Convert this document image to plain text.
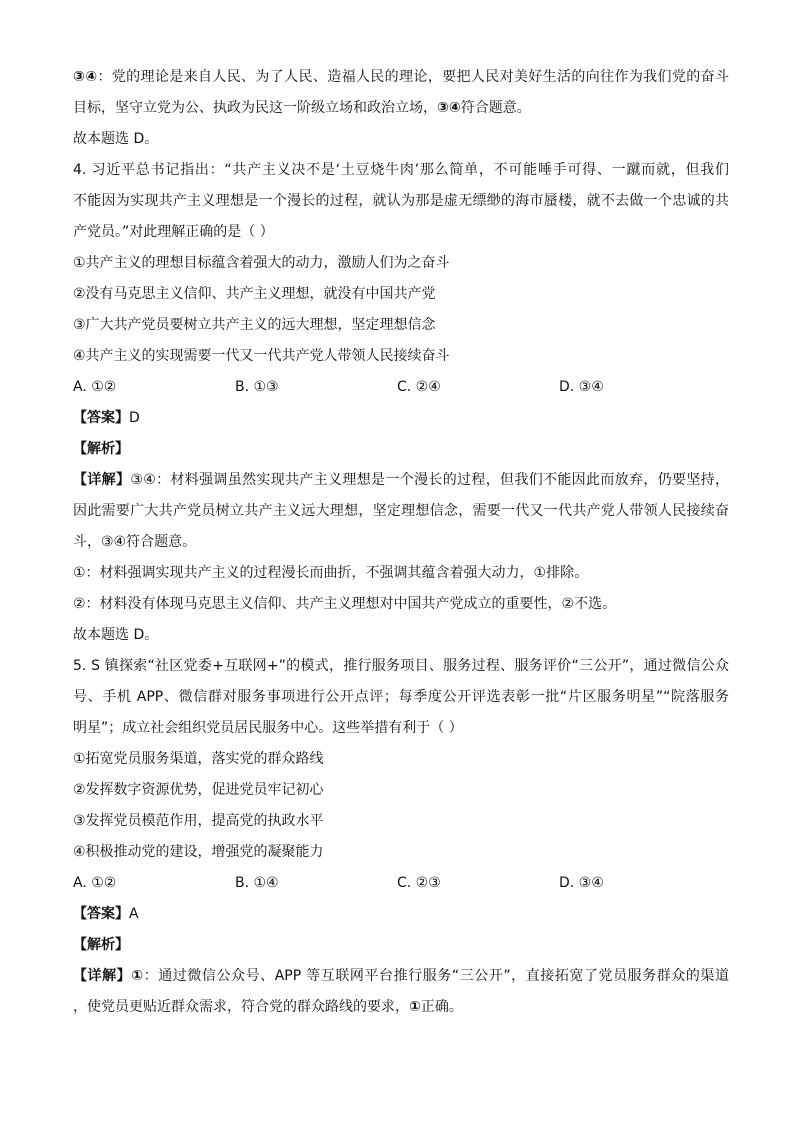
③④：党的理论是来自人民、为了人民、造福人民的理论，要把人民对美好生活的向往作为我们党的奋斗
目标，坚守立党为公、执政为民这一阶级立场和政治立场，③④符合题意。
故本题选 D。
4. 习近平总书记指出：“共产主义决不是‘土豆烧牛肉’那么简单，不可能唾手可得、一蹴而就，但我们
不能因为实现共产主义理想是一个漫长的过程，就认为那是虚无缥缈的海市蜃楼，就不去做一个忠诚的共
产党员。”对此理解正确的是（ ）
①共产主义的理想目标蕴含着强大的动力，激励人们为之奋斗
②没有马克思主义信仰、共产主义理想，就没有中国共产党
③广大共产党员要树立共产主义的远大理想，坚定理想信念
④共产主义的实现需要一代又一代共产党人带领人民接续奋斗
A. ①②	B. ①③	C. ②④	D. ③④
【答案】D
【解析】
【详解】③④：材料强调虽然实现共产主义理想是一个漫长的过程，但我们不能因此而放弃，仍要坚持，
因此需要广大共产党员树立共产主义远大理想，坚定理想信念，需要一代又一代共产党人带领人民接续奋
斗，③④符合题意。
①：材料强调实现共产主义的过程漫长而曲折，不强调其蕴含着强大动力，①排除。
②：材料没有体现马克思主义信仰、共产主义理想对中国共产党成立的重要性，②不选。
故本题选 D。
5. S 镇探索“社区党委+互联网+”的模式，推行服务项目、服务过程、服务评价“三公开”，通过微信公众
号、手机 APP、微信群对服务事项进行公开点评；每季度公开评选表彰一批“片区服务明星”“院落服务
明星”；成立社会组织党员居民服务中心。这些举措有利于（ ）
①拓宽党员服务渠道，落实党的群众路线
②发挥数字资源优势，促进党员牢记初心
③发挥党员模范作用，提高党的执政水平
④积极推动党的建设，增强党的凝聚能力
A. ①②	B. ①④	C. ②③	D. ③④
【答案】A
【解析】
【详解】①：通过微信公众号、APP 等互联网平台推行服务“三公开”，直接拓宽了党员服务群众的渠道
，使党员更贴近群众需求，符合党的群众路线的要求，①正确。
